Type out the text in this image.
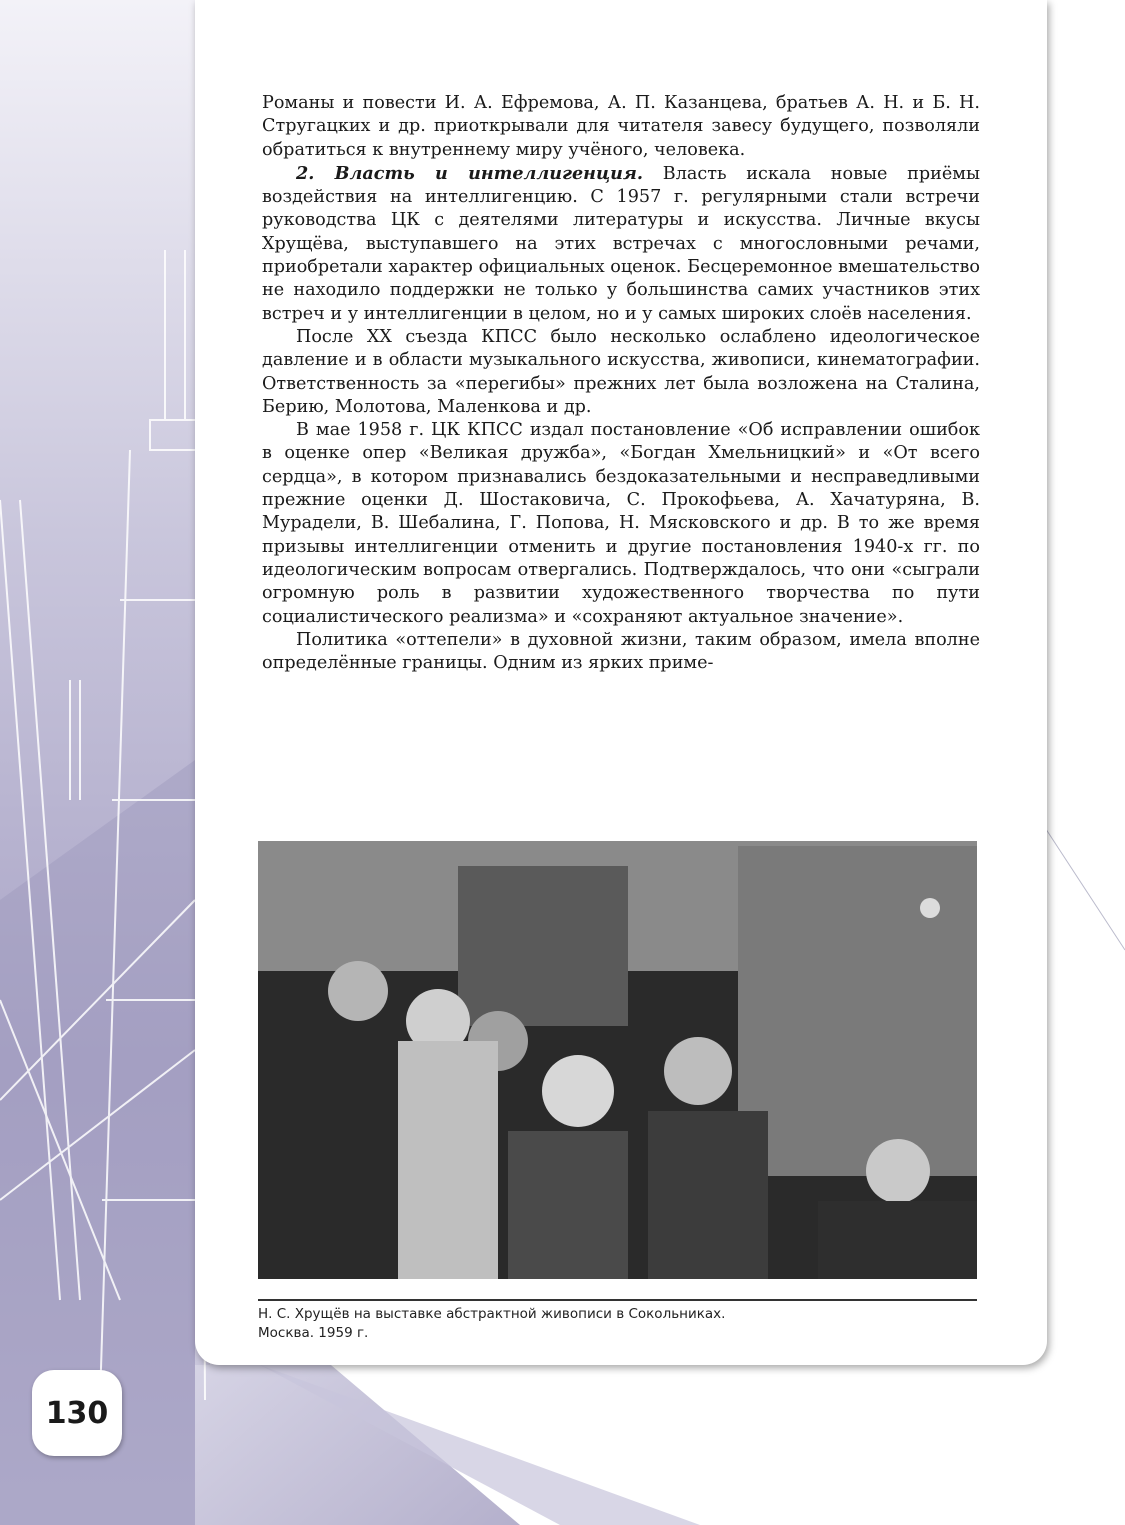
Романы и повести И. А. Ефремова, А. П. Казанцева, братьев А. Н. и Б. Н. Стругацких и др. приоткрывали для читателя завесу будущего, позволяли обратиться к внутреннему миру учёного, человека.

2. Власть и интеллигенция. Власть искала новые приёмы воздействия на интеллигенцию. С 1957 г. регулярными стали встречи руководства ЦК с деятелями литературы и искусства. Личные вкусы Хрущёва, выступавшего на этих встречах с многословными речами, приобретали характер официальных оценок. Бесцеремонное вмешательство не находило поддержки не только у большинства самих участников этих встреч и у интеллигенции в целом, но и у самых широких слоёв населения.

После XX съезда КПСС было несколько ослаблено идеологическое давление и в области музыкального искусства, живописи, кинематографии. Ответственность за «перегибы» прежних лет была возложена на Сталина, Берию, Молотова, Маленкова и др.

В мае 1958 г. ЦК КПСС издал постановление «Об исправлении ошибок в оценке опер «Великая дружба», «Богдан Хмельницкий» и «От всего сердца», в котором признавались бездоказательными и несправедливыми прежние оценки Д. Шостаковича, С. Прокофьева, А. Хачатуряна, В. Мурадели, В. Шебалина, Г. Попова, Н. Мясковского и др. В то же время призывы интеллигенции отменить и другие постановления 1940-х гг. по идеологическим вопросам отвергались. Подтверждалось, что они «сыграли огромную роль в развитии художественного творчества по пути социалистического реализма» и «сохраняют актуальное значение».

Политика «оттепели» в духовной жизни, таким образом, имела вполне определённые границы. Одним из ярких приме-

Н. С. Хрущёв на выставке абстрактной живописи в Сокольниках.
Москва. 1959 г.
130
